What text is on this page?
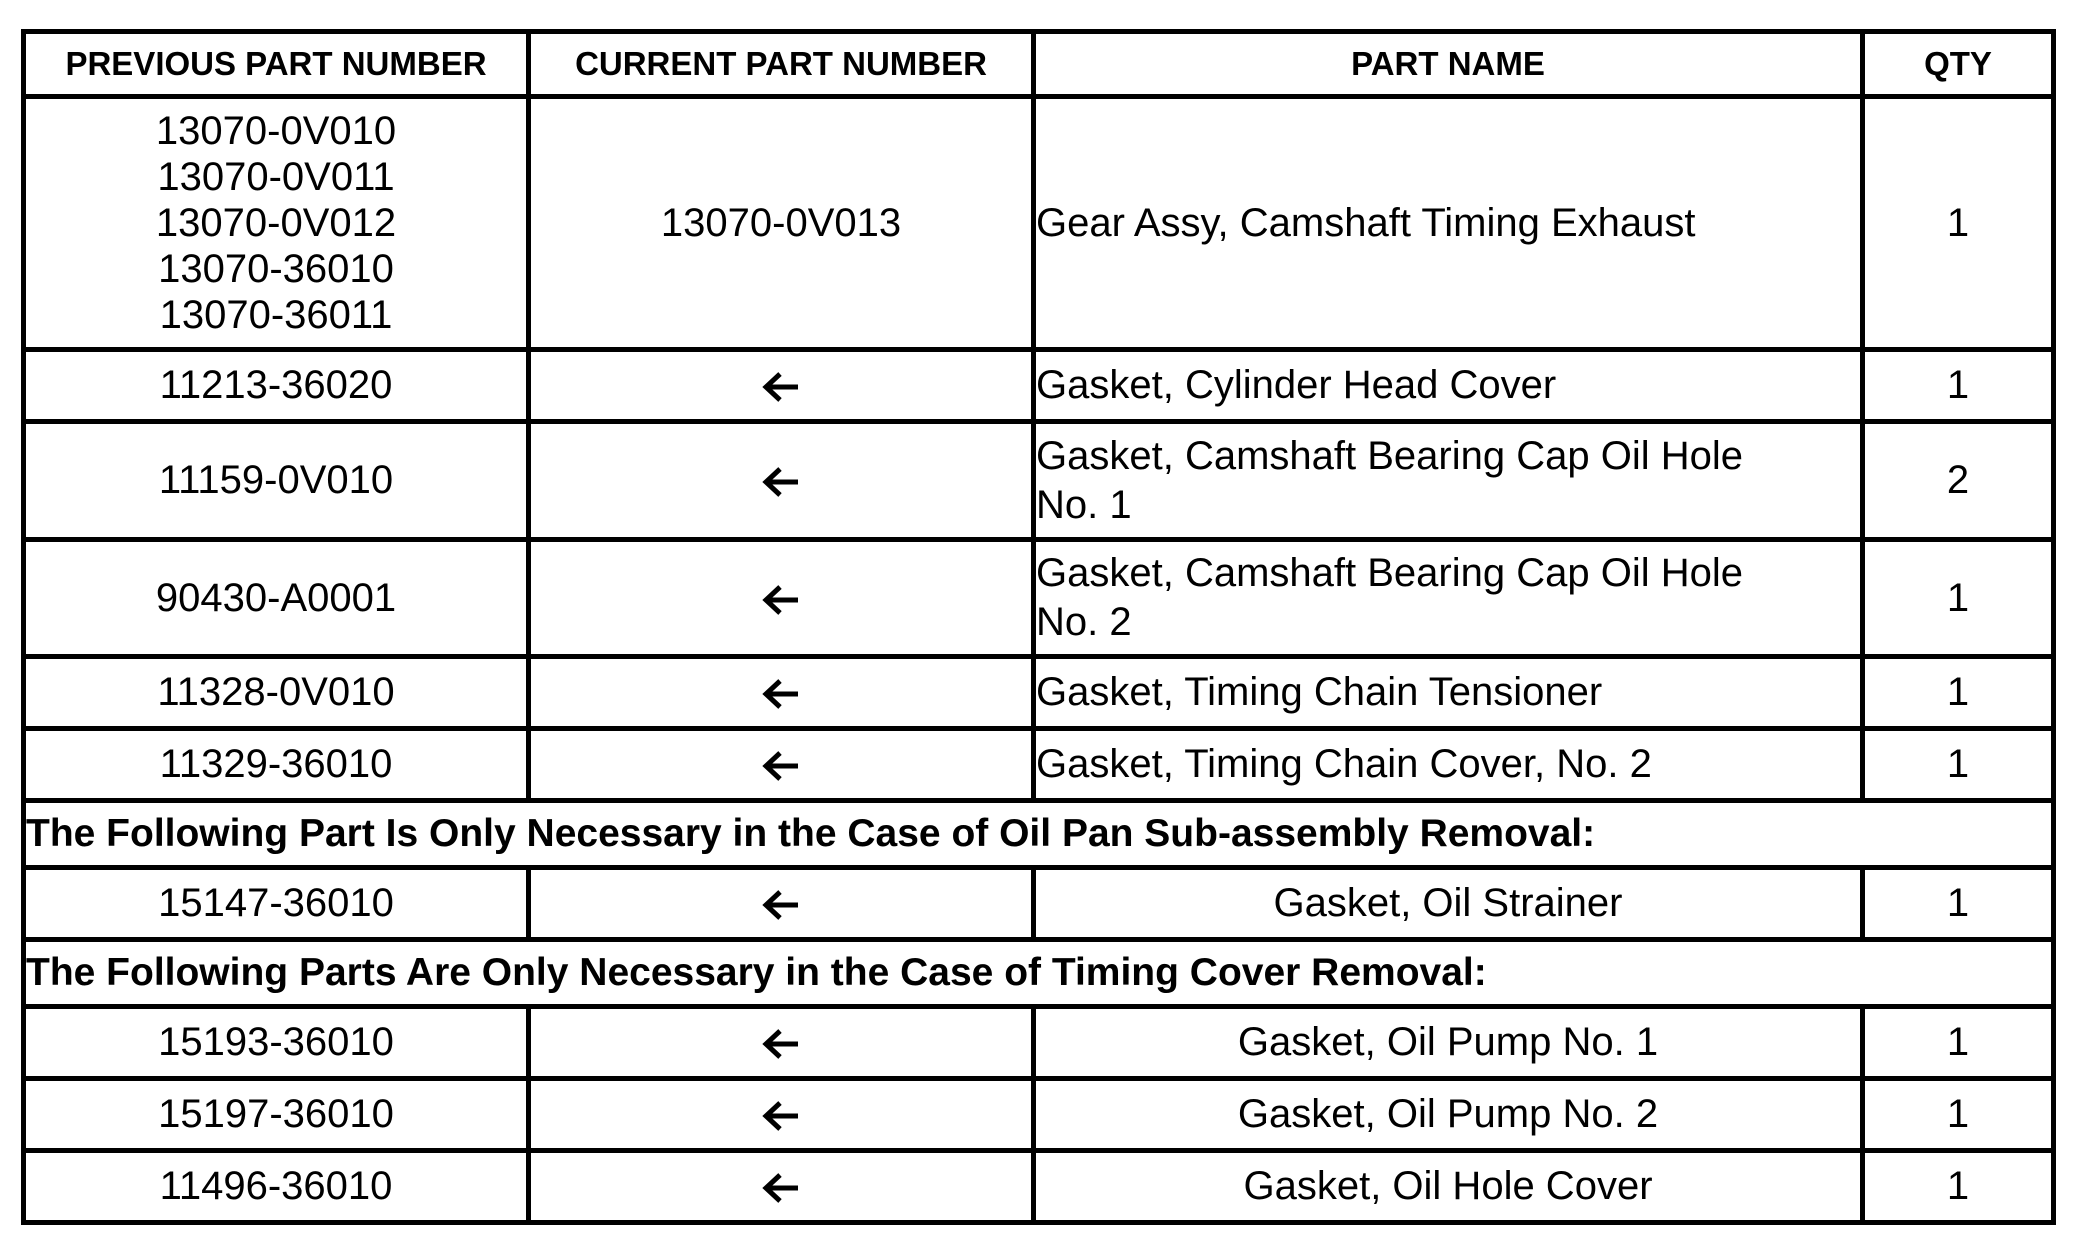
PREVIOUS PART NUMBER	CURRENT PART NUMBER	PART NAME	QTY

13070-0V010
13070-0V011
13070-0V012
13070-36010
13070-36011	13070-0V013	Gear Assy, Camshaft Timing Exhaust	1
11213-36020		Gasket, Cylinder Head Cover	1
11159-0V010		Gasket, Camshaft Bearing Cap Oil Hole
No. 1	2
90430-A0001		Gasket, Camshaft Bearing Cap Oil Hole
No. 2	1
11328-0V010		Gasket, Timing Chain Tensioner	1
11329-36010		Gasket, Timing Chain Cover, No. 2	1
The Following Part Is Only Necessary in the Case of Oil Pan Sub-assembly Removal:			
15147-36010		Gasket, Oil Strainer	1
The Following Parts Are Only Necessary in the Case of Timing Cover Removal:			
15193-36010		Gasket, Oil Pump No. 1	1
15197-36010		Gasket, Oil Pump No. 2	1
11496-36010		Gasket, Oil Hole Cover	1
